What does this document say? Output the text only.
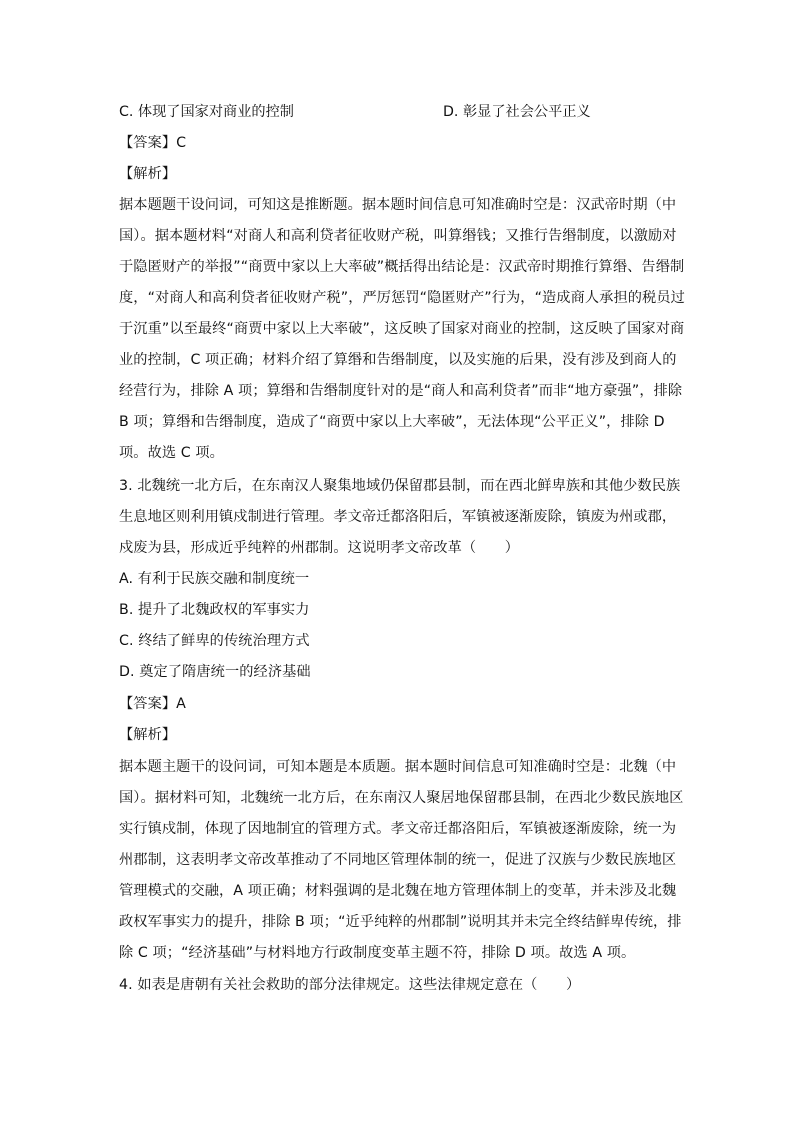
C. 体现了国家对商业的控制	D. 彰显了社会公平正义
【答案】C
【解析】
据本题题干设问词，可知这是推断题。据本题时间信息可知准确时空是：汉武帝时期（中
国）。据本题材料“对商人和高利贷者征收财产税，叫算缗钱；又推行告缗制度，以激励对
于隐匿财产的举报”“商贾中家以上大率破”概括得出结论是：汉武帝时期推行算缗、告缗制
度，“对商人和高利贷者征收财产税”，严厉惩罚“隐匿财产”行为，“造成商人承担的税员过
于沉重”以至最终“商贾中家以上大率破”，这反映了国家对商业的控制，这反映了国家对商
业的控制，C 项正确；材料介绍了算缗和告缗制度，以及实施的后果，没有涉及到商人的
经营行为，排除 A 项；算缗和告缗制度针对的是“商人和高利贷者”而非“地方豪强”，排除
B 项；算缗和告缗制度，造成了“商贾中家以上大率破”，无法体现“公平正义”，排除 D
项。故选 C 项。
3. 北魏统一北方后，在东南汉人聚集地域仍保留郡县制，而在西北鲜卑族和其他少数民族
生息地区则利用镇戍制进行管理。孝文帝迁都洛阳后，军镇被逐渐废除，镇废为州或郡，
戍废为县，形成近乎纯粹的州郡制。这说明孝文帝改革（　　）
A. 有利于民族交融和制度统一
B. 提升了北魏政权的军事实力
C. 终结了鲜卑的传统治理方式
D. 奠定了隋唐统一的经济基础
【答案】A
【解析】
据本题主题干的设问词，可知本题是本质题。据本题时间信息可知准确时空是：北魏（中
国）。据材料可知，北魏统一北方后，在东南汉人聚居地保留郡县制，在西北少数民族地区
实行镇戍制，体现了因地制宜的管理方式。孝文帝迁都洛阳后，军镇被逐渐废除，统一为
州郡制，这表明孝文帝改革推动了不同地区管理体制的统一，促进了汉族与少数民族地区
管理模式的交融，A 项正确；材料强调的是北魏在地方管理体制上的变革，并未涉及北魏
政权军事实力的提升，排除 B 项；“近乎纯粹的州郡制”说明其并未完全终结鲜卑传统，排
除 C 项；“经济基础”与材料地方行政制度变革主题不符，排除 D 项。故选 A 项。
4. 如表是唐朝有关社会救助的部分法律规定。这些法律规定意在（　　）
